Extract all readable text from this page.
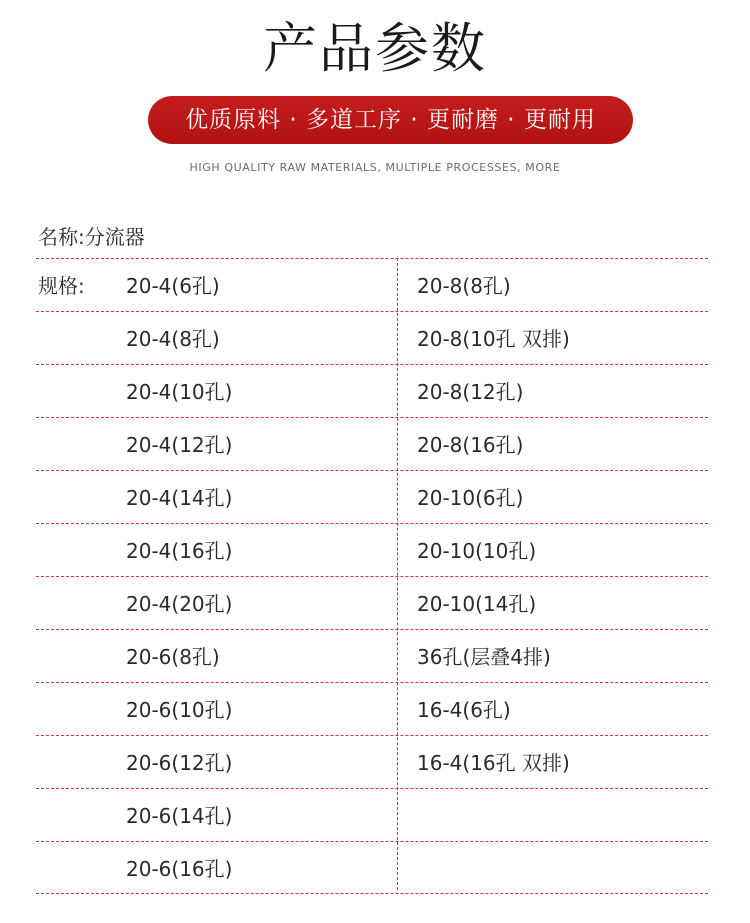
产品参数
优质原料 · 多道工序 · 更耐磨 · 更耐用
HIGH QUALITY RAW MATERIALS, MULTIPLE PROCESSES, MORE
名称:分流器
规格: 20-4(6孔)	20-8(8孔)
20-4(8孔)	20-8(10孔 双排)
20-4(10孔)	20-8(12孔)
20-4(12孔)	20-8(16孔)
20-4(14孔)	20-10(6孔)
20-4(16孔)	20-10(10孔)
20-4(20孔)	20-10(14孔)
20-6(8孔)	36孔(层叠4排)
20-6(10孔)	16-4(6孔)
20-6(12孔)	16-4(16孔 双排)
20-6(14孔)
20-6(16孔)
